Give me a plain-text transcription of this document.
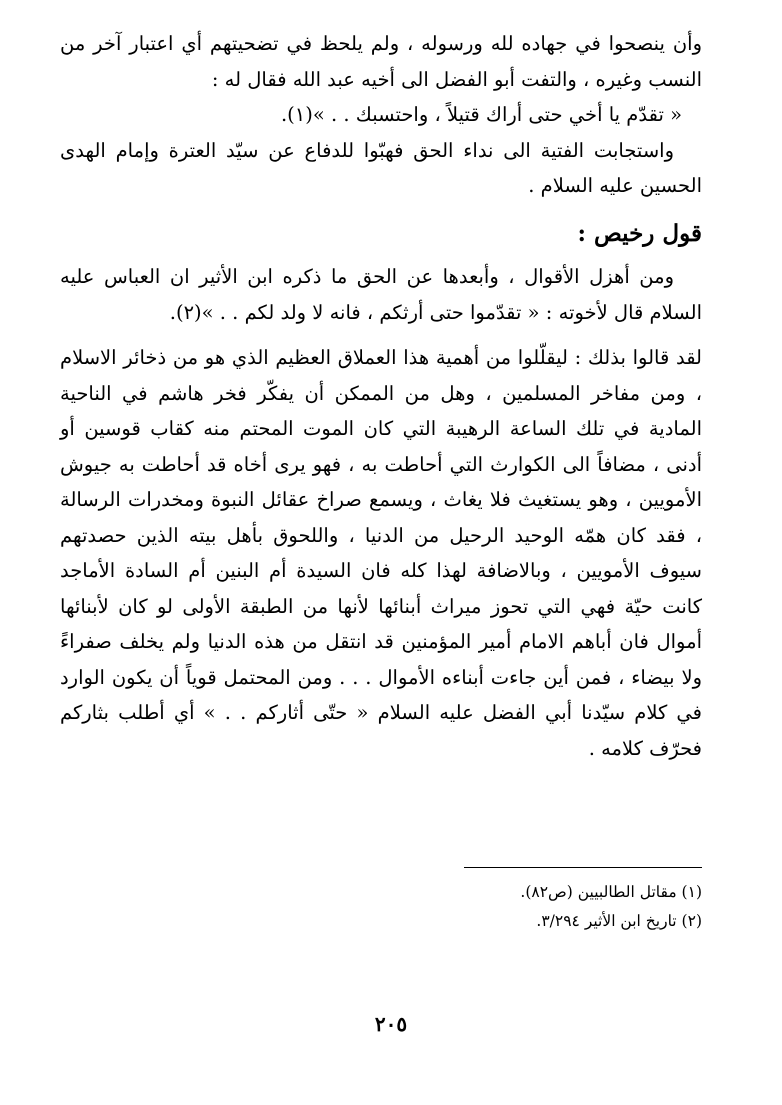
وأن ينصحوا في جهاده لله ورسوله ، ولم يلحظ في تضحيتهم أي اعتبار آخر من النسب وغيره ، والتفت أبو الفضل الى أخيه عبد الله فقال له :

« تقدّم يا أخي حتى أراك قتيلاً ، واحتسبك . . »(١).

واستجابت الفتية الى نداء الحق فهبّوا للدفاع عن سيّد العترة وإمام الهدى الحسين عليه السلام .

قول رخيص :

ومن أهزل الأقوال ، وأبعدها عن الحق ما ذكره ابن الأثير ان العباس عليه السلام قال لأخوته : « تقدّموا حتى أرثكم ، فانه لا ولد لكم . . »(٢).

لقد قالوا بذلك : ليقلّلوا من أهمية هذا العملاق العظيم الذي هو من ذخائر الاسلام ، ومن مفاخر المسلمين ، وهل من الممكن أن يفكّر فخر هاشم في الناحية المادية في تلك الساعة الرهيبة التي كان الموت المحتم منه كقاب قوسين أو أدنى ، مضافاً الى الكوارث التي أحاطت به ، فهو يرى أخاه قد أحاطت به جيوش الأمويين ، وهو يستغيث فلا يغاث ، ويسمع صراخ عقائل النبوة ومخدرات الرسالة ، فقد كان همّه الوحيد الرحيل من الدنيا ، واللحوق بأهل بيته الذين حصدتهم سيوف الأمويين ، وبالاضافة لهذا كله فان السيدة أم البنين أم السادة الأماجد كانت حيّة فهي التي تحوز ميراث أبنائها لأنها من الطبقة الأولى لو كان لأبنائها أموال فان أباهم الامام أمير المؤمنين قد انتقل من هذه الدنيا ولم يخلف صفراءً ولا بيضاء ، فمن أين جاءت أبناءه الأموال . . . ومن المحتمل قوياً أن يكون الوارد في كلام سيّدنا أبي الفضل عليه السلام « حتّى أثاركم . . » أي أطلب بثاركم فحرّف كلامه .

(١) مقاتل الطالبيين (ص٨٢).
(٢) تاريخ ابن الأثير ٣/٢٩٤.
٢٠٥
